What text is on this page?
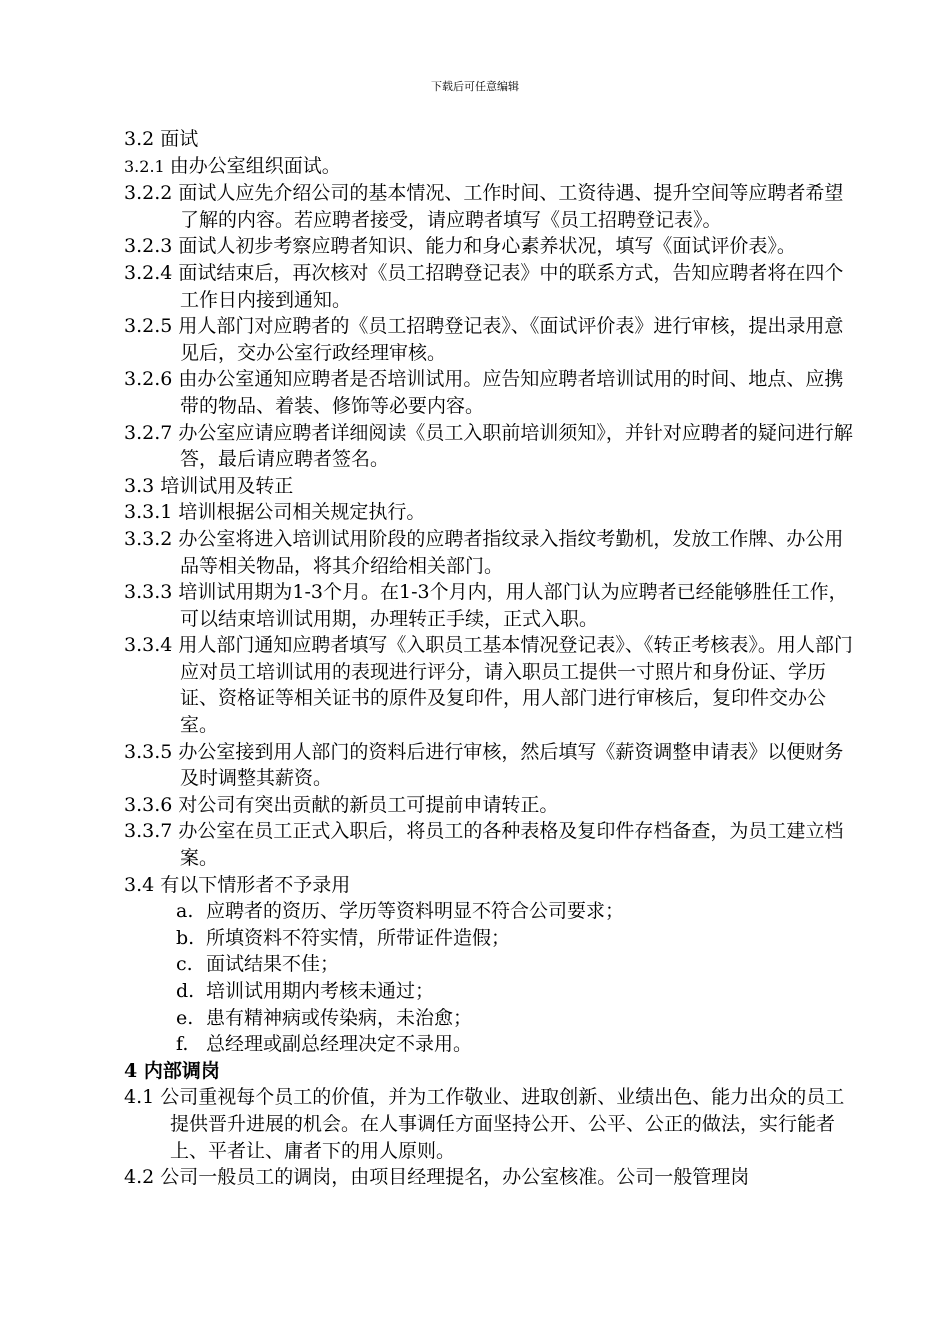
下载后可任意编辑
3.2 面试
3.2.1 由办公室组织面试。
3.2.2 面试人应先介绍公司的基本情况、工作时间、工资待遇、提升空间等应聘者希望了解的内容。若应聘者接受，请应聘者填写《员工招聘登记表》。
3.2.3 面试人初步考察应聘者知识、能力和身心素养状况，填写《面试评价表》。
3.2.4 面试结束后，再次核对《员工招聘登记表》中的联系方式，告知应聘者将在四个工作日内接到通知。
3.2.5 用人部门对应聘者的《员工招聘登记表》、《面试评价表》进行审核，提出录用意见后，交办公室行政经理审核。
3.2.6 由办公室通知应聘者是否培训试用。应告知应聘者培训试用的时间、地点、应携带的物品、着装、修饰等必要内容。
3.2.7 办公室应请应聘者详细阅读《员工入职前培训须知》，并针对应聘者的疑问进行解答，最后请应聘者签名。
3.3 培训试用及转正
3.3.1 培训根据公司相关规定执行。
3.3.2 办公室将进入培训试用阶段的应聘者指纹录入指纹考勤机，发放工作牌、办公用品等相关物品，将其介绍给相关部门。
3.3.3 培训试用期为1-3个月。在1-3个月内，用人部门认为应聘者已经能够胜任工作，可以结束培训试用期，办理转正手续，正式入职。
3.3.4 用人部门通知应聘者填写《入职员工基本情况登记表》、《转正考核表》。用人部门应对员工培训试用的表现进行评分，请入职员工提供一寸照片和身份证、学历证、资格证等相关证书的原件及复印件，用人部门进行审核后，复印件交办公室。
3.3.5 办公室接到用人部门的资料后进行审核，然后填写《薪资调整申请表》以便财务及时调整其薪资。
3.3.6 对公司有突出贡献的新员工可提前申请转正。
3.3.7 办公室在员工正式入职后，将员工的各种表格及复印件存档备查，为员工建立档案。
3.4 有以下情形者不予录用
a. 应聘者的资历、学历等资料明显不符合公司要求；
b. 所填资料不符实情，所带证件造假；
c. 面试结果不佳；
d. 培训试用期内考核未通过；
e. 患有精神病或传染病，未治愈；
f. 总经理或副总经理决定不录用。
4 内部调岗
4.1 公司重视每个员工的价值，并为工作敬业、进取创新、业绩出色、能力出众的员工提供晋升进展的机会。在人事调任方面坚持公开、公平、公正的做法，实行能者上、平者让、庸者下的用人原则。
4.2 公司一般员工的调岗，由项目经理提名，办公室核准。公司一般管理岗
